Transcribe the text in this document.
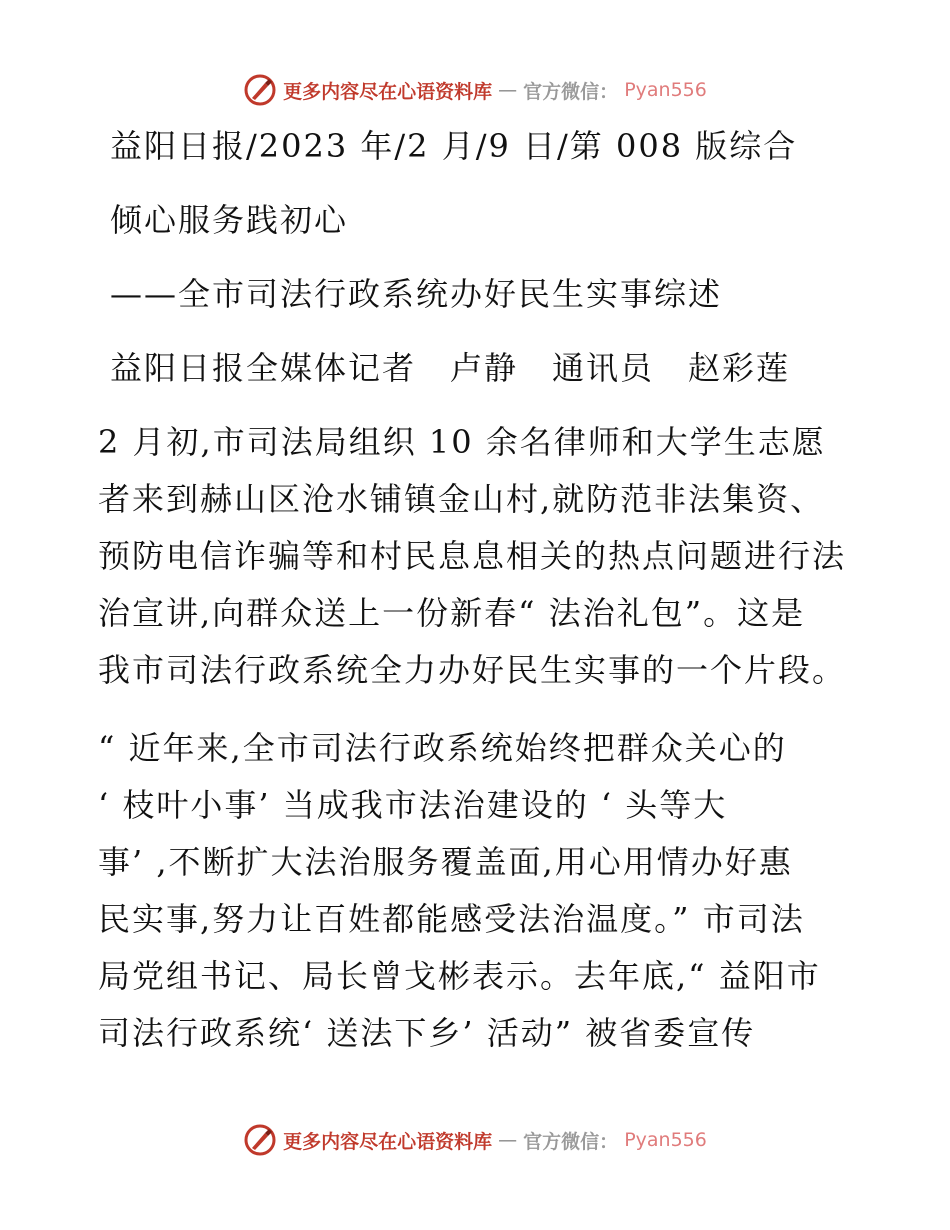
更多内容尽在心语资料库 — 官方微信： Pyan556
益阳日报/2023 年/2 月/9 日/第 008 版综合
倾心服务践初心
——全市司法行政系统办好民生实事综述
益阳日报全媒体记者　卢静　通讯员　赵彩莲
2 月初,市司法局组织 10 余名律师和大学生志愿
者来到赫山区沧水铺镇金山村,就防范非法集资、
预防电信诈骗等和村民息息相关的热点问题进行法
治宣讲,向群众送上一份新春“ 法治礼包”。这是
我市司法行政系统全力办好民生实事的一个片段。
“ 近年来,全市司法行政系统始终把群众关心的
‘ 枝叶小事’ 当成我市法治建设的 ‘ 头等大
事’ ,不断扩大法治服务覆盖面,用心用情办好惠
民实事,努力让百姓都能感受法治温度。” 市司法
局党组书记、局长曾戈彬表示。去年底,“ 益阳市
司法行政系统‘ 送法下乡’ 活动” 被省委宣传
更多内容尽在心语资料库 — 官方微信： Pyan556
